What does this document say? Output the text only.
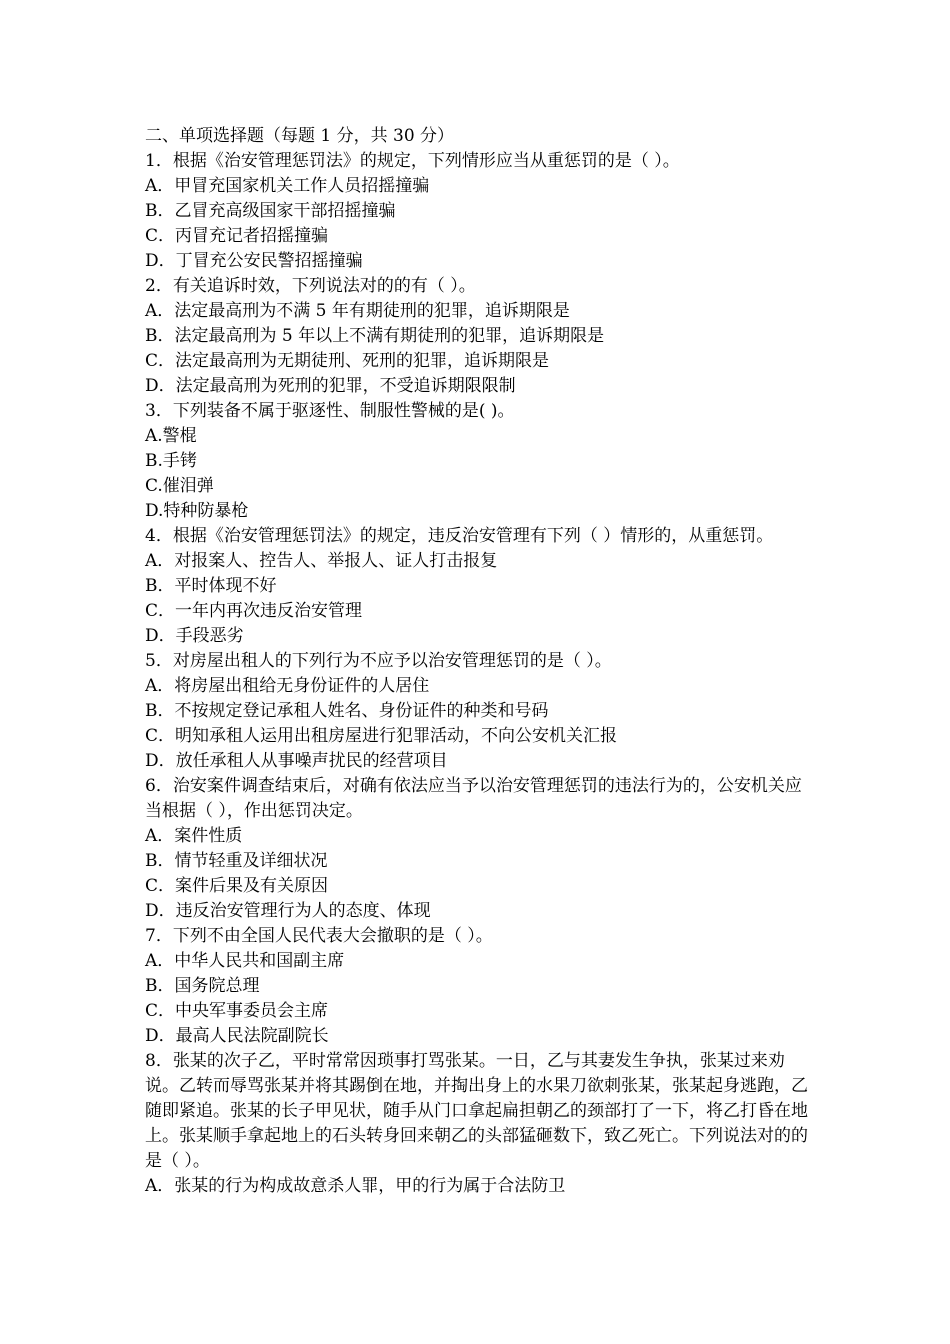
二、单项选择题（每题 1 分，共 30 分）

1．根据《治安管理惩罚法》的规定，下列情形应当从重惩罚的是（ ）。

A．甲冒充国家机关工作人员招摇撞骗

B．乙冒充高级国家干部招摇撞骗

C．丙冒充记者招摇撞骗

D．丁冒充公安民警招摇撞骗

2．有关追诉时效，下列说法对的的有（ ）。

A．法定最高刑为不满 5 年有期徒刑的犯罪，追诉期限是

B．法定最高刑为 5 年以上不满有期徒刑的犯罪，追诉期限是

C．法定最高刑为无期徒刑、死刑的犯罪，追诉期限是

D．法定最高刑为死刑的犯罪，不受追诉期限限制

3．下列装备不属于驱逐性、制服性警械的是( )。

A.警棍

B.手铐

C.催泪弹

D.特种防暴枪

4．根据《治安管理惩罚法》的规定，违反治安管理有下列（ ）情形的，从重惩罚。

A．对报案人、控告人、举报人、证人打击报复

B．平时体现不好

C．一年内再次违反治安管理

D．手段恶劣

5．对房屋出租人的下列行为不应予以治安管理惩罚的是（ ）。

A．将房屋出租给无身份证件的人居住

B．不按规定登记承租人姓名、身份证件的种类和号码

C．明知承租人运用出租房屋进行犯罪活动，不向公安机关汇报

D．放任承租人从事噪声扰民的经营项目

6．治安案件调查结束后，对确有依法应当予以治安管理惩罚的违法行为的，公安机关应当根据（ ），作出惩罚决定。

A．案件性质

B．情节轻重及详细状况

C．案件后果及有关原因

D．违反治安管理行为人的态度、体现

7．下列不由全国人民代表大会撤职的是（ ）。

A．中华人民共和国副主席

B．国务院总理

C．中央军事委员会主席

D．最高人民法院副院长

8．张某的次子乙，平时常常因琐事打骂张某。一日，乙与其妻发生争执，张某过来劝说。乙转而辱骂张某并将其踢倒在地，并掏出身上的水果刀欲刺张某，张某起身逃跑，乙随即紧追。张某的长子甲见状，随手从门口拿起扁担朝乙的颈部打了一下，将乙打昏在地上。张某顺手拿起地上的石头转身回来朝乙的头部猛砸数下，致乙死亡。下列说法对的的是（ ）。

A．张某的行为构成故意杀人罪，甲的行为属于合法防卫
